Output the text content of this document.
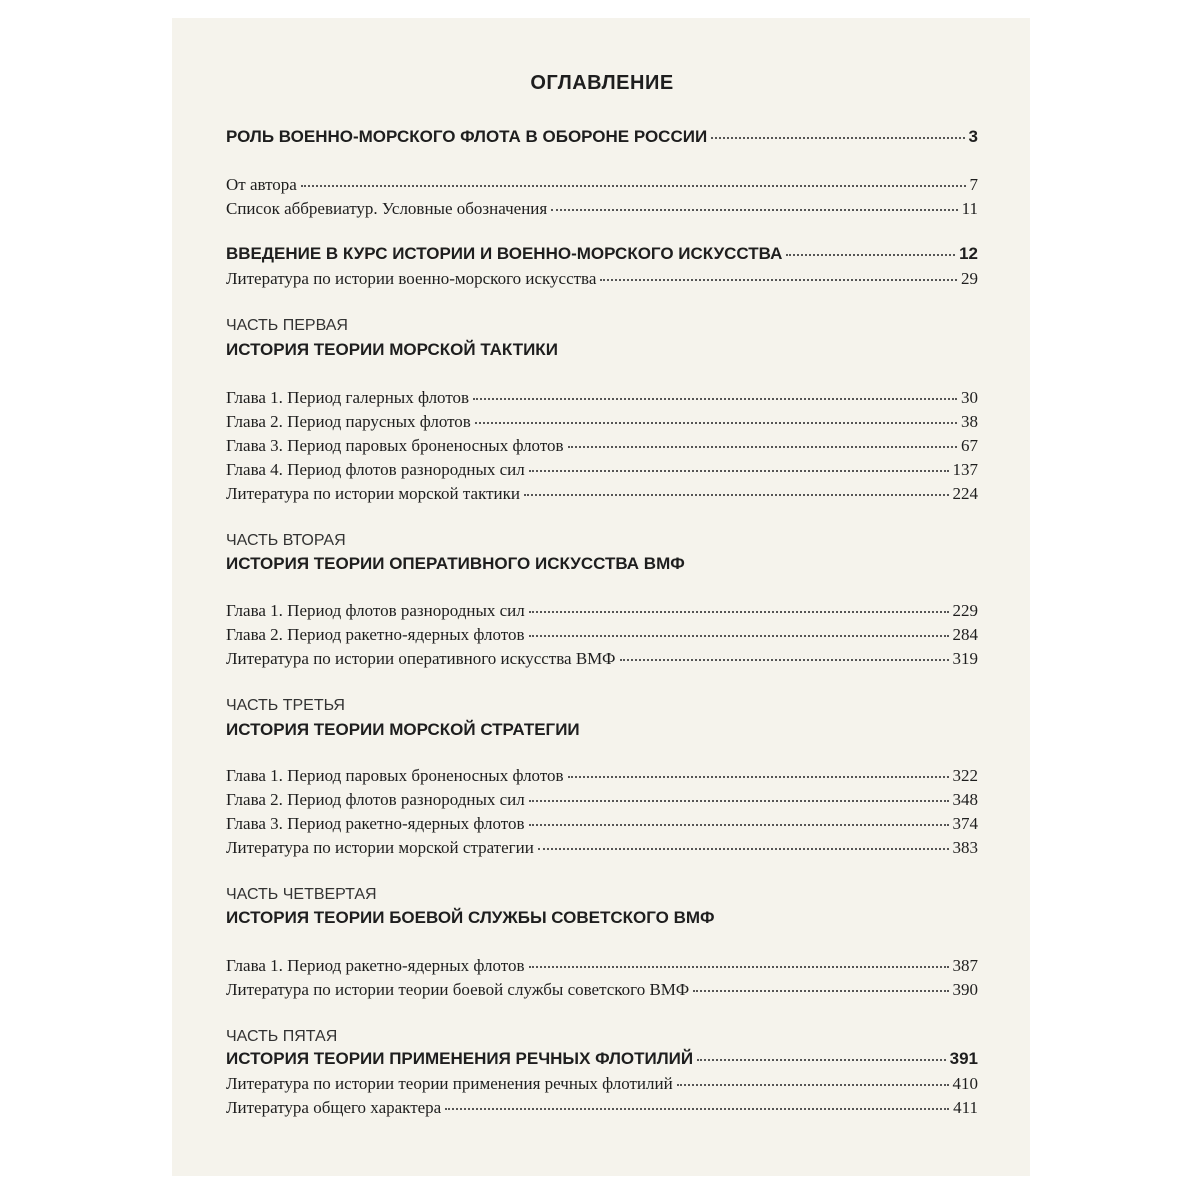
ОГЛАВЛЕНИЕ
РОЛЬ ВОЕННО-МОРСКОГО ФЛОТА В ОБОРОНЕ РОССИИ	3
От автора	7
Список аббревиатур. Условные обозначения	11
ВВЕДЕНИЕ В КУРС ИСТОРИИ И ВОЕННО-МОРСКОГО ИСКУССТВА	12
Литература по истории военно-морского искусства	29
ЧАСТЬ ПЕРВАЯ
ИСТОРИЯ ТЕОРИИ МОРСКОЙ ТАКТИКИ
Глава 1. Период галерных флотов	30
Глава 2. Период парусных флотов	38
Глава 3. Период паровых броненосных флотов	67
Глава 4. Период флотов разнородных сил	137
Литература по истории морской тактики	224
ЧАСТЬ ВТОРАЯ
ИСТОРИЯ ТЕОРИИ ОПЕРАТИВНОГО ИСКУССТВА ВМФ
Глава 1. Период флотов разнородных сил	229
Глава 2. Период ракетно-ядерных флотов	284
Литература по истории оперативного искусства ВМФ	319
ЧАСТЬ ТРЕТЬЯ
ИСТОРИЯ ТЕОРИИ МОРСКОЙ СТРАТЕГИИ
Глава 1. Период паровых броненосных флотов	322
Глава 2. Период флотов разнородных сил	348
Глава 3. Период ракетно-ядерных флотов	374
Литература по истории морской стратегии	383
ЧАСТЬ ЧЕТВЕРТАЯ
ИСТОРИЯ ТЕОРИИ БОЕВОЙ СЛУЖБЫ СОВЕТСКОГО ВМФ
Глава 1. Период ракетно-ядерных флотов	387
Литература по истории теории боевой службы советского ВМФ	390
ЧАСТЬ ПЯТАЯ
ИСТОРИЯ ТЕОРИИ ПРИМЕНЕНИЯ РЕЧНЫХ ФЛОТИЛИЙ	391
Литература по истории теории применения речных флотилий	410
Литература общего характера	411
